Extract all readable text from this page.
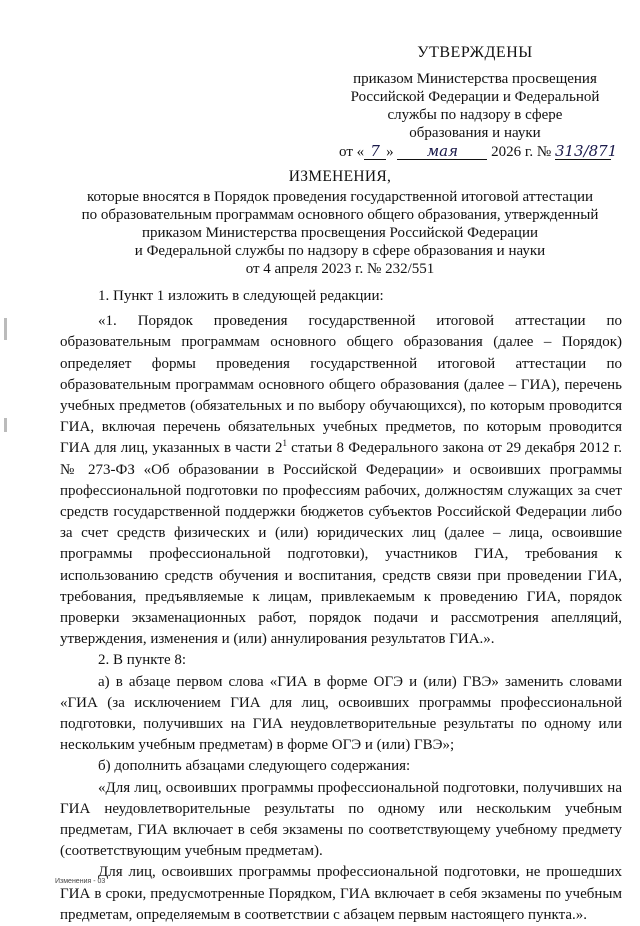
УТВЕРЖДЕНЫ
приказом Министерства просвещения
Российской Федерации и Федеральной
службы по надзору в сфере
образования и науки
от « 7 » мая 2026 г. № 313/871
ИЗМЕНЕНИЯ,
которые вносятся в Порядок проведения государственной итоговой аттестации
по образовательным программам основного общего образования, утвержденный
приказом Министерства просвещения Российской Федерации
и Федеральной службы по надзору в сфере образования и науки
от 4 апреля 2023 г. № 232/551

1. Пункт 1 изложить в следующей редакции:

«1. Порядок проведения государственной итоговой аттестации по образовательным программам основного общего образования (далее – Порядок) определяет формы проведения государственной итоговой аттестации по образовательным программам основного общего образования (далее – ГИА), перечень учебных предметов (обязательных и по выбору обучающихся), по которым проводится ГИА, включая перечень обязательных учебных предметов, по которым проводится ГИА для лиц, указанных в части $2^1$ статьи 8 Федерального закона от 29 декабря 2012 г. № 273-ФЗ «Об образовании в Российской Федерации» и освоивших программы профессиональной подготовки по профессиям рабочих, должностям служащих за счет средств государственной поддержки бюджетов субъектов Российской Федерации либо за счет средств физических и (или) юридических лиц (далее – лица, освоившие программы профессиональной подготовки), участников ГИА, требования к использованию средств обучения и воспитания, средств связи при проведении ГИА, требования, предъявляемые к лицам, привлекаемым к проведению ГИА, порядок проверки экзаменационных работ, порядок подачи и рассмотрения апелляций, утверждения, изменения и (или) аннулирования результатов ГИА.».

2. В пункте 8:

а) в абзаце первом слова «ГИА в форме ОГЭ и (или) ГВЭ» заменить словами «ГИА (за исключением ГИА для лиц, освоивших программы профессиональной подготовки, получивших на ГИА неудовлетворительные результаты по одному или нескольким учебным предметам) в форме ОГЭ и (или) ГВЭ»;

б) дополнить абзацами следующего содержания:

«Для лиц, освоивших программы профессиональной подготовки, получивших на ГИА неудовлетворительные результаты по одному или нескольким учебным предметам, ГИА включает в себя экзамены по соответствующему учебному предмету (соответствующим учебным предметам).

Для лиц, освоивших программы профессиональной подготовки, не прошедших ГИА в сроки, предусмотренные Порядком, ГИА включает в себя экзамены по учебным предметам, определяемым в соответствии с абзацем первым настоящего пункта.».

Изменения - 03
